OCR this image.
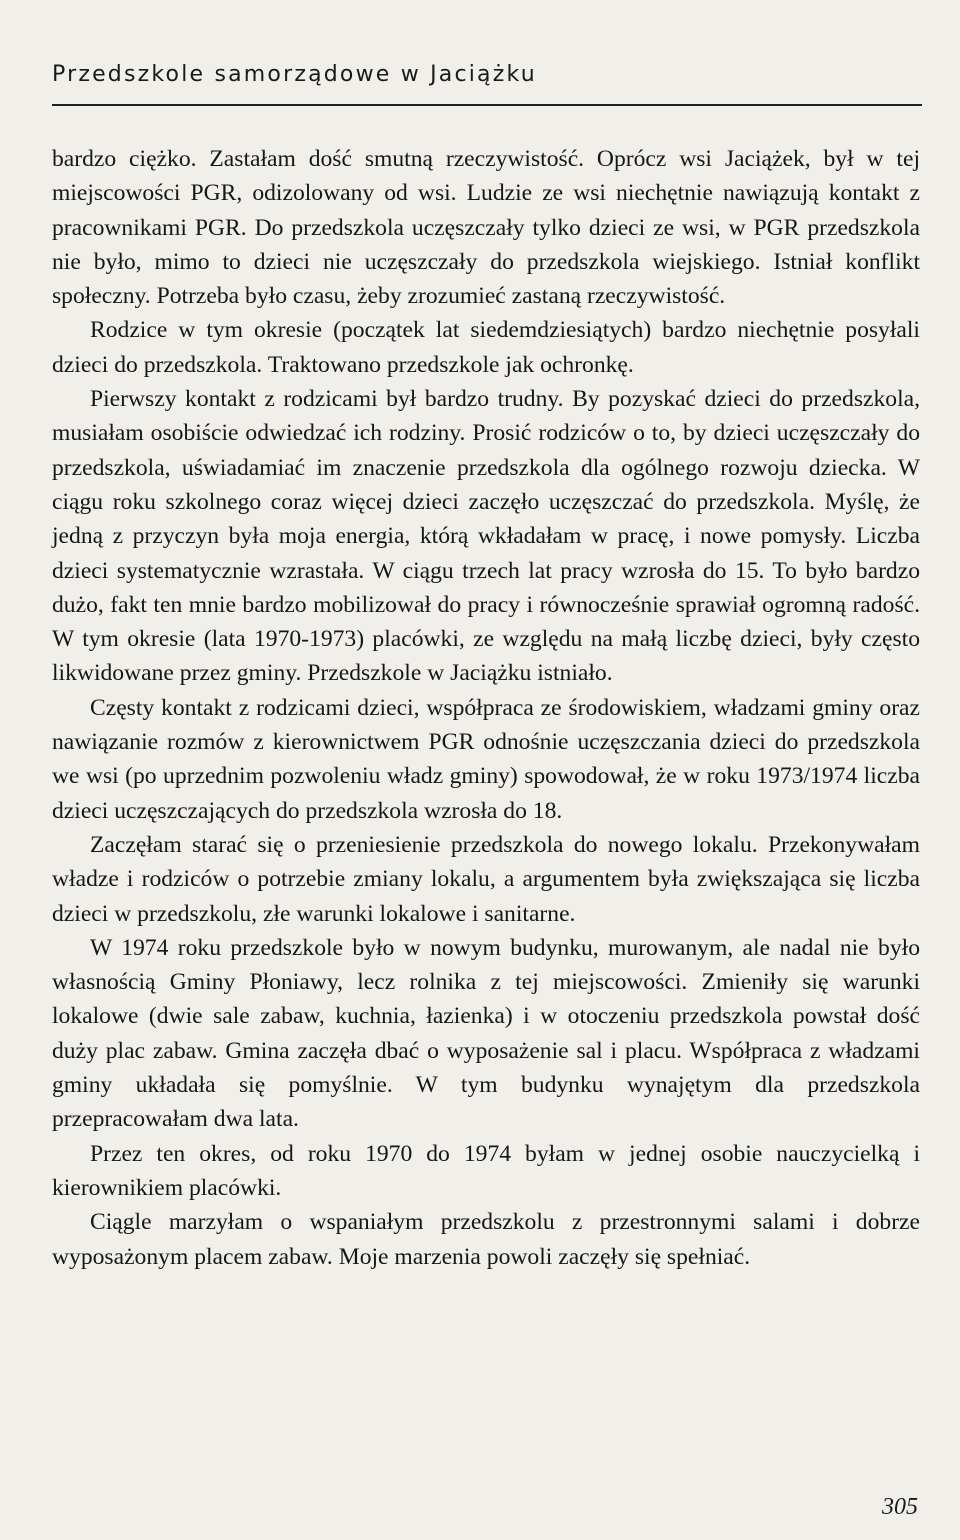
Przedszkole samorządowe w Jaciążku

bardzo ciężko. Zastałam dość smutną rzeczywistość. Oprócz wsi Jaciążek, był w tej miejscowości PGR, odizolowany od wsi. Ludzie ze wsi niechętnie nawiązują kontakt z pracownikami PGR. Do przedszkola uczęszczały tylko dzieci ze wsi, w PGR przedszkola nie było, mimo to dzieci nie uczęszczały do przedszkola wiejskiego. Istniał konflikt społeczny. Potrzeba było czasu, żeby zrozumieć zastaną rzeczywistość.

Rodzice w tym okresie (początek lat siedemdziesiątych) bardzo niechętnie posyłali dzieci do przedszkola. Traktowano przedszkole jak ochronkę.

Pierwszy kontakt z rodzicami był bardzo trudny. By pozyskać dzieci do przedszkola, musiałam osobiście odwiedzać ich rodziny. Prosić rodziców o to, by dzieci uczęszczały do przedszkola, uświadamiać im znaczenie przedszkola dla ogólnego rozwoju dziecka. W ciągu roku szkolnego coraz więcej dzieci zaczęło uczęszczać do przedszkola. Myślę, że jedną z przyczyn była moja energia, którą wkładałam w pracę, i nowe pomysły. Liczba dzieci systematycznie wzrastała. W ciągu trzech lat pracy wzrosła do 15. To było bardzo dużo, fakt ten mnie bardzo mobilizował do pracy i równocześnie sprawiał ogromną radość. W tym okresie (lata 1970-1973) placówki, ze względu na małą liczbę dzieci, były często likwidowane przez gminy. Przedszkole w Jaciążku istniało.

Częsty kontakt z rodzicami dzieci, współpraca ze środowiskiem, władzami gminy oraz nawiązanie rozmów z kierownictwem PGR odnośnie uczęszczania dzieci do przedszkola we wsi (po uprzednim pozwoleniu władz gminy) spowodował, że w roku 1973/1974 liczba dzieci uczęszczających do przedszkola wzrosła do 18.

Zaczęłam starać się o przeniesienie przedszkola do nowego lokalu. Przekonywałam władze i rodziców o potrzebie zmiany lokalu, a argumentem była zwiększająca się liczba dzieci w przedszkolu, złe warunki lokalowe i sanitarne.

W 1974 roku przedszkole było w nowym budynku, murowanym, ale nadal nie było własnością Gminy Płoniawy, lecz rolnika z tej miejscowości. Zmieniły się warunki lokalowe (dwie sale zabaw, kuchnia, łazienka) i w otoczeniu przedszkola powstał dość duży plac zabaw. Gmina zaczęła dbać o wyposażenie sal i placu. Współpraca z władzami gminy układała się pomyślnie. W tym budynku wynajętym dla przedszkola przepracowałam dwa lata.

Przez ten okres, od roku 1970 do 1974 byłam w jednej osobie nauczycielką i kierownikiem placówki.

Ciągle marzyłam o wspaniałym przedszkolu z przestronnymi salami i dobrze wyposażonym placem zabaw. Moje marzenia powoli zaczęły się spełniać.

305
